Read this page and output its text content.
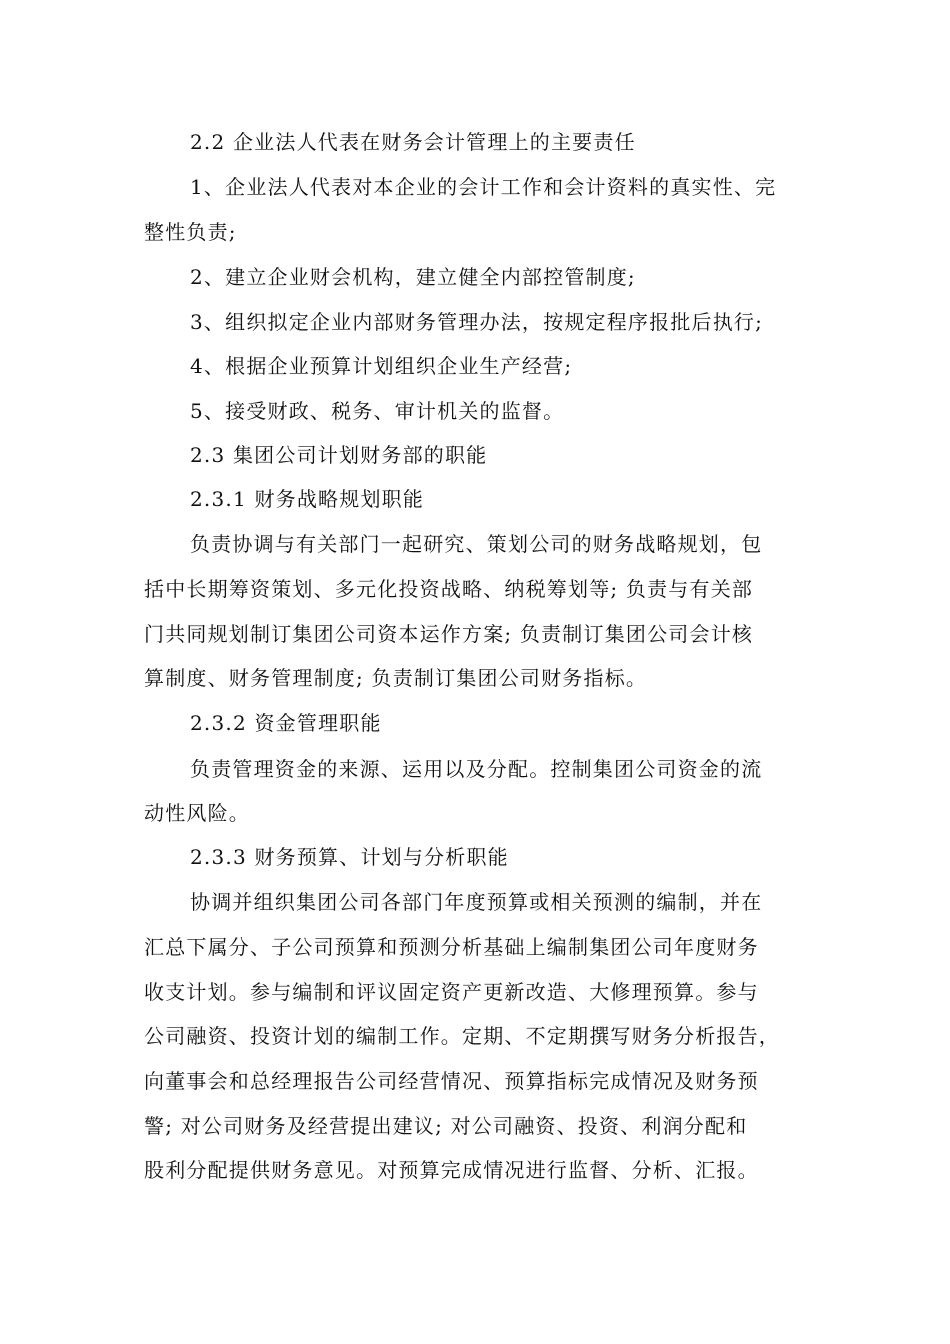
2.2 企业法人代表在财务会计管理上的主要责任
1、企业法人代表对本企业的会计工作和会计资料的真实性、完
整性负责;
2、建立企业财会机构，建立健全内部控管制度;
3、组织拟定企业内部财务管理办法，按规定程序报批后执行;
4、根据企业预算计划组织企业生产经营;
5、接受财政、税务、审计机关的监督。
2.3 集团公司计划财务部的职能
2.3.1 财务战略规划职能
负责协调与有关部门一起研究、策划公司的财务战略规划，包
括中长期筹资策划、多元化投资战略、纳税筹划等; 负责与有关部
门共同规划制订集团公司资本运作方案; 负责制订集团公司会计核
算制度、财务管理制度; 负责制订集团公司财务指标。
2.3.2 资金管理职能
负责管理资金的来源、运用以及分配。控制集团公司资金的流
动性风险。
2.3.3 财务预算、计划与分析职能
协调并组织集团公司各部门年度预算或相关预测的编制，并在
汇总下属分、子公司预算和预测分析基础上编制集团公司年度财务
收支计划。参与编制和评议固定资产更新改造、大修理预算。参与
公司融资、投资计划的编制工作。定期、不定期撰写财务分析报告，
向董事会和总经理报告公司经营情况、预算指标完成情况及财务预
警; 对公司财务及经营提出建议; 对公司融资、投资、利润分配和
股利分配提供财务意见。对预算完成情况进行监督、分析、汇报。
